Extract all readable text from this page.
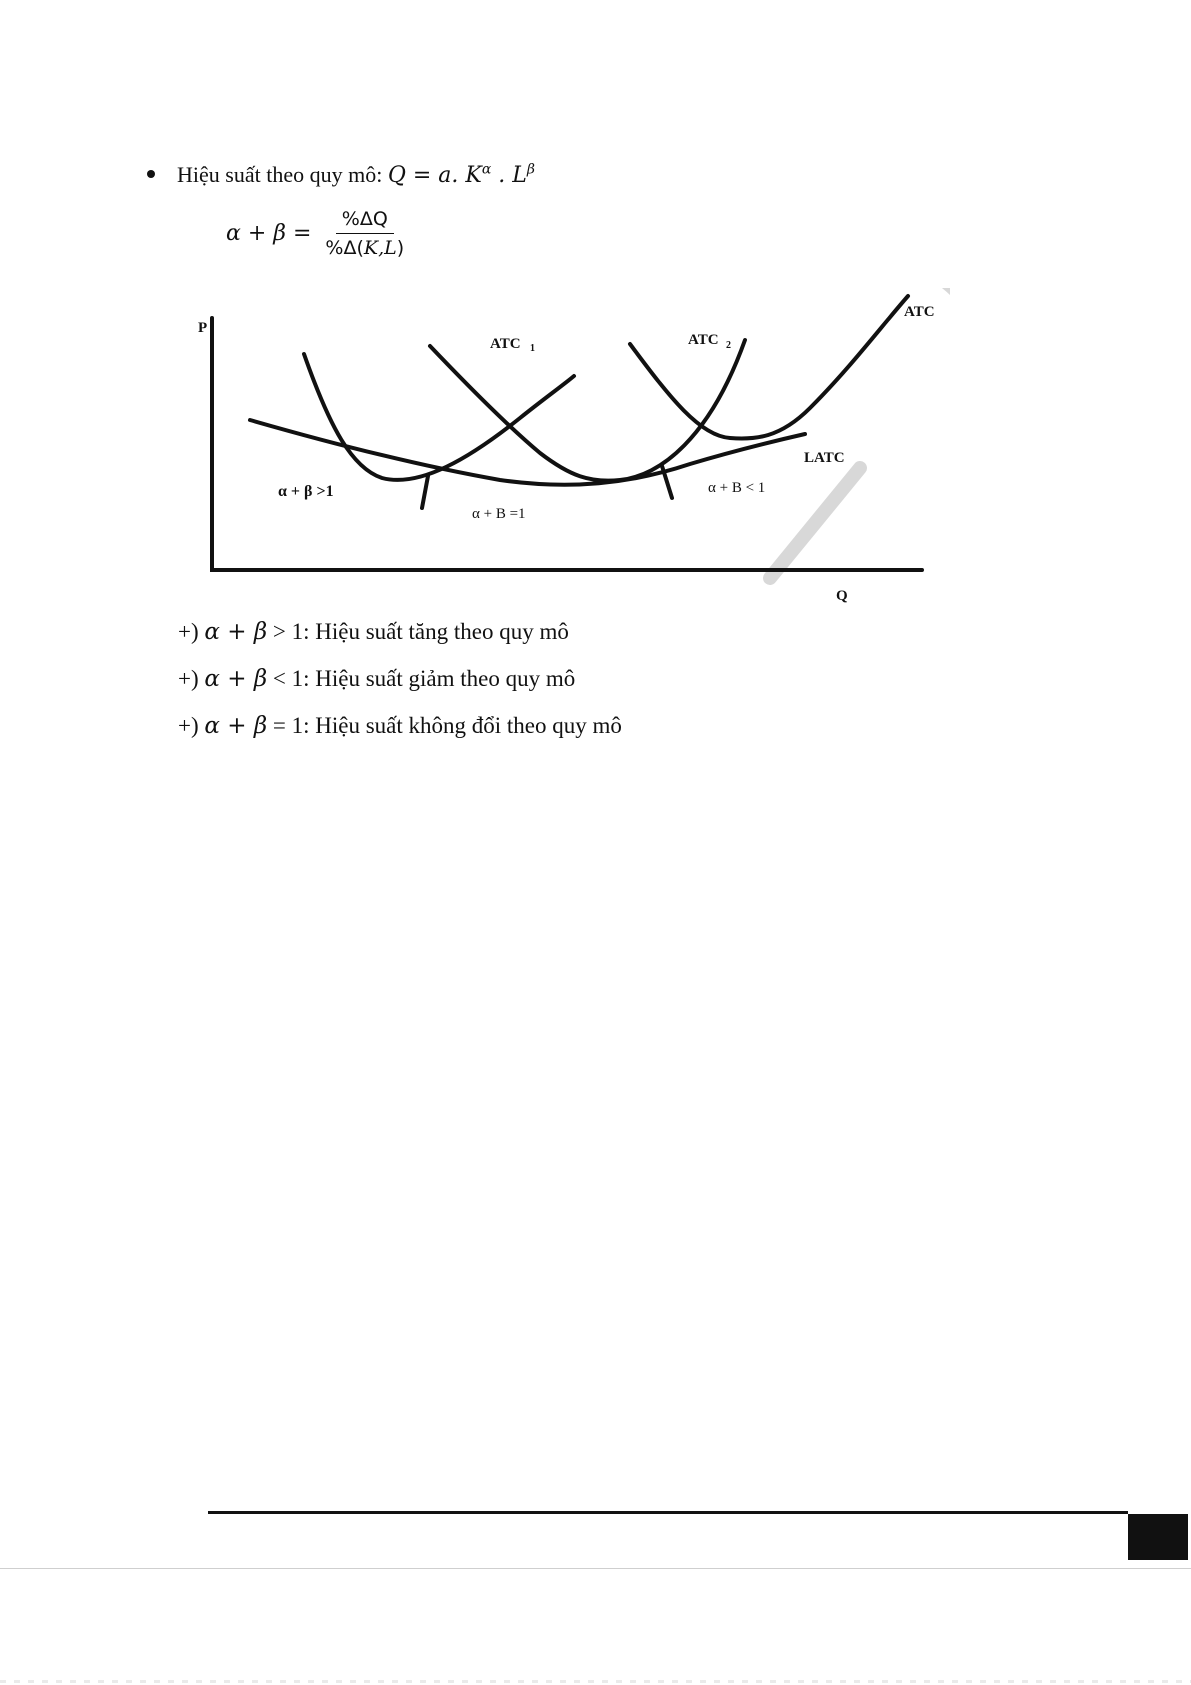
Hiệu suất theo quy mô: Q = a. $K^\alpha$ . $L^\beta$
$\alpha + \beta = \frac{\%\Delta Q}{\%\Delta(K,L)}$
P
Q
ATC 1
ATC 2
ATC
LATC
α + β >1
α + B =1
α + B < 1
+) α + β > 1: Hiệu suất tăng theo quy mô
+) α + β < 1: Hiệu suất giảm theo quy mô
+) α + β = 1: Hiệu suất không đổi theo quy mô
